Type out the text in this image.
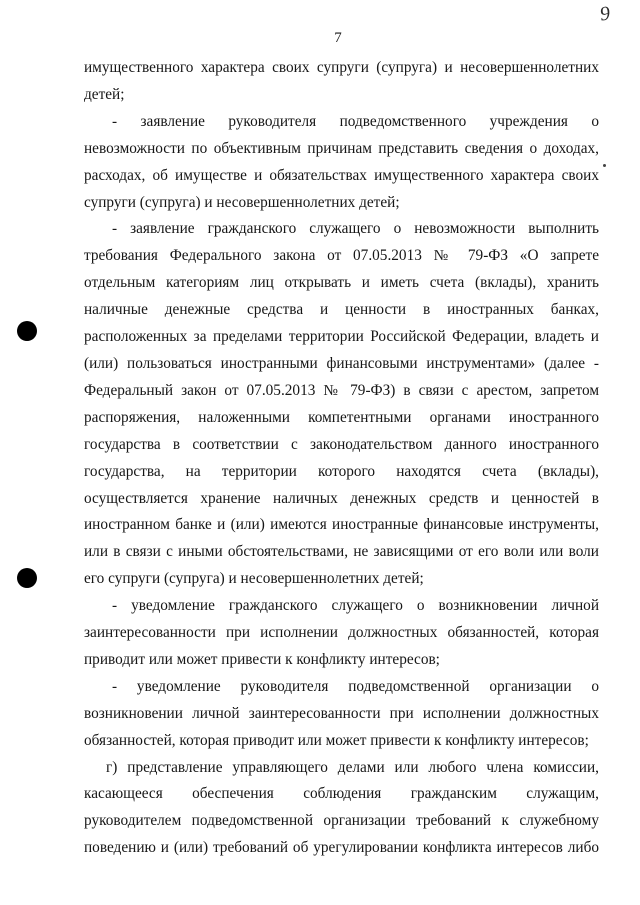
7
9
имущественного характера своих супруги (супруга) и несовершеннолетних
детей;
- заявление руководителя подведомственного учреждения о
невозможности по объективным причинам представить сведения о доходах,
расходах, об имуществе и обязательствах имущественного характера своих
супруги (супруга) и несовершеннолетних детей;
- заявление гражданского служащего о невозможности выполнить
требования Федерального закона от 07.05.2013 № 79-ФЗ «О запрете
отдельным категориям лиц открывать и иметь счета (вклады), хранить
наличные денежные средства и ценности в иностранных банках,
расположенных за пределами территории Российской Федерации, владеть и
(или) пользоваться иностранными финансовыми инструментами» (далее -
Федеральный закон от 07.05.2013 № 79-ФЗ) в связи с арестом, запретом
распоряжения, наложенными компетентными органами иностранного
государства в соответствии с законодательством данного иностранного
государства, на территории которого находятся счета (вклады),
осуществляется хранение наличных денежных средств и ценностей в
иностранном банке и (или) имеются иностранные финансовые инструменты,
или в связи с иными обстоятельствами, не зависящими от его воли или воли
его супруги (супруга) и несовершеннолетних детей;
- уведомление гражданского служащего о возникновении личной
заинтересованности при исполнении должностных обязанностей, которая
приводит или может привести к конфликту интересов;
- уведомление руководителя подведомственной организации о
возникновении личной заинтересованности при исполнении должностных
обязанностей, которая приводит или может привести к конфликту интересов;
г) представление управляющего делами или любого члена комиссии,
касающееся обеспечения соблюдения гражданским служащим,
руководителем подведомственной организации требований к служебному
поведению и (или) требований об урегулировании конфликта интересов либо
